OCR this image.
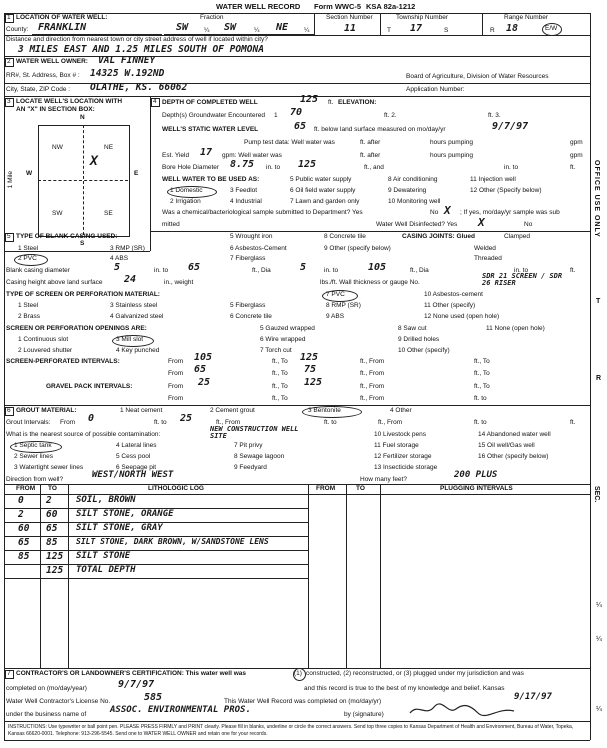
WATER WELL RECORD Form WWC-5 KSA 82a-1212
1 LOCATION OF WATER WELL:
County: FRANKLIN
Fraction
SW ¼ SW	¼ NE ¼
Section Number
11
Township Number
T 17	S
Range Number
R 18	E/W
Distance and direction from nearest town or city street address of well if located within city?
3 MILES EAST AND 1.25 MILES SOUTH OF POMONA
2 WATER WELL OWNER: VAL FINNEY
RR#, St. Address, Box # : 14325 W.192ND	Board of Agriculture, Division of Water Resources
City, State, ZIP Code : OLATHE, KS. 66062	Application Number:
3 LOCATE WELL'S LOCATION WITH
AN "X" IN SECTION BOX:
N
S
W	E
NW	NE
SW	SE
X
1 Mile
4 DEPTH OF COMPLETED WELL	125 ft. ELEVATION:
Depth(s) Groundwater Encountered 1 70	ft. 2.	ft. 3.
WELL'S STATIC WATER LEVEL	65 ft. below land surface measured on mo/day/yr	9/7/97
Pump test data: Well water was	ft. after	hours pumping	gpm
Est. Yield 17 gpm: Well water was	ft. after	hours pumping	gpm
Bore Hole Diameter 8.75 in. to 125	ft., and	in. to	ft.
WELL WATER TO BE USED AS:	5 Public water supply	8 Air conditioning	11 Injection well
1 Domestic	3 Feedlot	6 Oil field water supply	9 Dewatering	12 Other (Specify below)
2 Irrigation	4 Industrial	7 Lawn and garden only	10 Monitoring well
Was a chemical/bacteriological sample submitted to Department? Yes	No X ; If yes, mo/day/yr sample was sub
mitted	Water Well Disinfected? Yes X	No
5 TYPE OF BLANK CASING USED:	5 Wrought iron	8 Concrete tile	CASING JOINTS: Glued	Clamped
1 Steel	3 RMP (SR)	6 Asbestos-Cement	9 Other (specify below)	Welded
2 PVC	4 ABS	7 Fiberglass	Threaded
Blank casing diameter	5	in. to 65	ft., Dia	5	in. to	105	ft., Dia	in. to	ft.
Casing height above land surface 24	in., weight	lbs./ft. Wall thickness or gauge No.
SDR 21 SCREEN / SDR 26 RISER
TYPE OF SCREEN OR PERFORATION MATERIAL:	7 PVC	10 Asbestos-cement
1 Steel	3 Stainless steel	5 Fiberglass	8 RMP (SR)	11 Other (specify)
2 Brass	4 Galvanized steel	6 Concrete tile	9 ABS	12 None used (open hole)
SCREEN OR PERFORATION OPENINGS ARE:	5 Gauzed wrapped	8 Saw cut	11 None (open hole)
1 Continuous slot	3 Mill slot	6 Wire wrapped	9 Drilled holes
2 Louvered shutter	4 Key punched	7 Torch cut	10 Other (specify)
SCREEN-PERFORATED INTERVALS:	From 105	ft., To 125	ft., From	ft., To
From 65	ft., To 75	ft., From	ft., To
GRAVEL PACK INTERVALS:	From 25	ft., To 125	ft., From	ft., To
From	ft., To	ft., From	ft. to
6 GROUT MATERIAL:	1 Neat cement	2 Cement grout	3 Bentonite	4 Other
Grout Intervals: From 0	ft. to 25	ft., From	ft. to	ft., From	ft. to	ft.
What is the nearest source of possible contamination:
NEW CONSTRUCTION WELL SITE	10 Livestock pens	14 Abandoned water well
1 Septic tank	4 Lateral lines	7 Pit privy	11 Fuel storage	15 Oil well/Gas well
2 Sewer lines	5 Cess pool	8 Sewage lagoon	12 Fertilizer storage	16 Other (specify below)
3 Watertight sewer lines	6 Seepage pit	9 Feedyard	13 Insecticide storage
Direction from well?	WEST/NORTH WEST	How many feet?	200 PLUS
FROM TO	LITHOLOGIC LOG	FROM	TO	PLUGGING INTERVALS
7 CONTRACTOR'S OR LANDOWNER'S CERTIFICATION: This water well was	(1) constructed, (2) reconstructed, or (3) plugged under my jurisdiction and was
completed on (mo/day/year)	9/7/97	and this record is true to the best of my knowledge and belief. Kansas
Water Well Contractor's License No.	585	This Water Well Record was completed on (mo/day/yr)	9/17/97
under the business name of	ASSOC. ENVIRONMENTAL PROS.	by (signature)
INSTRUCTIONS: Use typewriter or ball point pen. PLEASE PRESS FIRMLY and PRINT clearly. Please fill in blanks, underline or circle the correct answers. Send top three copies to Kansas Department of Health and Environment, Bureau of Water, Topeka, Kansas 66620-0001. Telephone: 913-296-5545. Send one to WATER WELL OWNER and retain one for your records.
0 2	SOIL, BROWN
2 60 SILT STONE, ORANGE
60 65 SILT STONE, GRAY
65 85 SILT STONE, DARK BROWN, W/SANDSTONE LENS
85 125 SILT STONE
125 TOTAL DEPTH
OFFICE USE ONLY
T
R
SEC.
¼
¼
¼
